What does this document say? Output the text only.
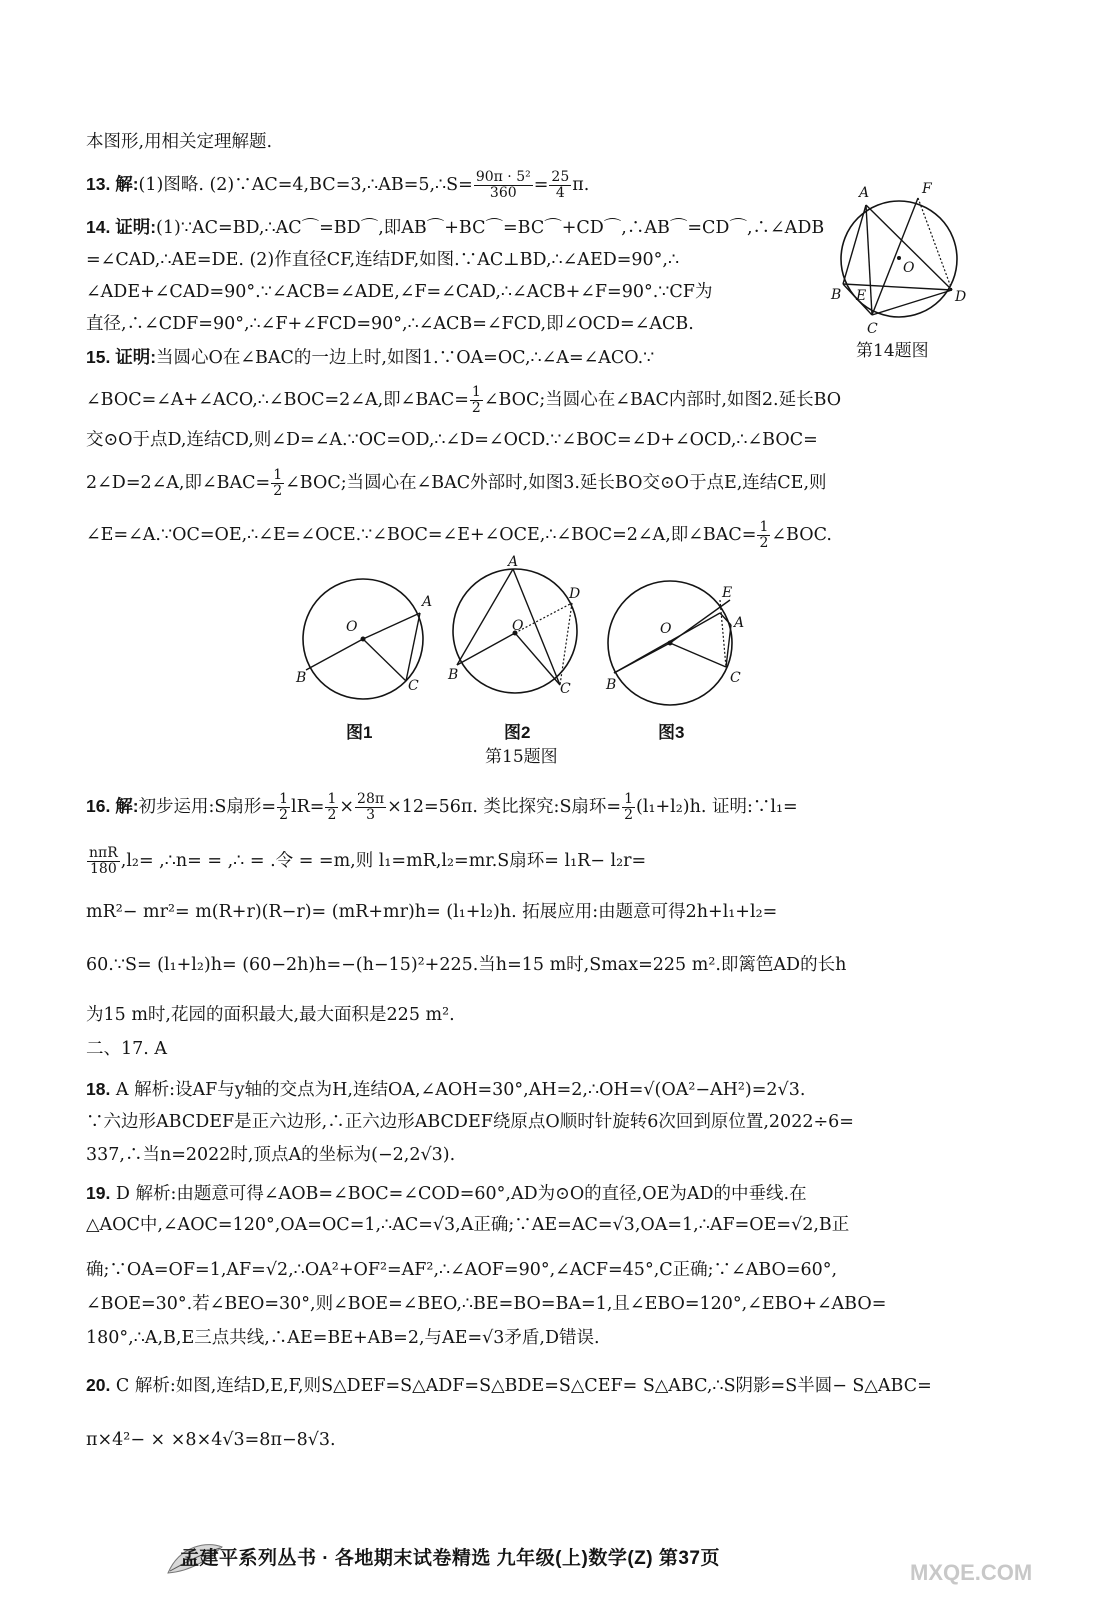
本图形,用相关定理解题.
13. 解:(1)图略. (2)∵AC=4,BC=3,∴AB=5,∴S= $\frac{\text{90π · 5²}}{360} = \frac{25}{4} \pi$.
14. 证明:(1)∵AC=BD,∴AC⌒=BD⌒,即AB⌒+BC⌒=BC⌒+CD⌒,∴AB⌒=CD⌒,∴∠ADB
=∠CAD,∴AE=DE. (2)作直径CF,连结DF,如图.∵AC⊥BD,∴∠AED=90°,∴
∠ADE+∠CAD=90°.∵∠ACB=∠ADE,∠F=∠CAD,∴∠ACB+∠F=90°.∵CF为
直径,∴∠CDF=90°,∴∠F+∠FCD=90°,∴∠ACB=∠FCD,即∠OCD=∠ACB.
A	F
O
B E
C
D
第14题图
15. 证明:当圆心O在∠BAC的一边上时,如图1.∵OA=OC,∴∠A=∠ACO.∵
∠BOC=∠A+∠ACO,∴∠BOC=2∠A,即∠BAC= $\frac{1}{2}$ ∠BOC;当圆心在∠BAC内部时,如图2.延长BO
交⊙O于点D,连结CD,则∠D=∠A.∵OC=OD,∴∠D=∠OCD.∵∠BOC=∠D+∠OCD,∴∠BOC=
2∠D=2∠A,即∠BAC= $\frac{1}{2}$ ∠BOC;当圆心在∠BAC外部时,如图3.延长BO交⊙O于点E,连结CE,则
∠E=∠A.∵OC=OE,∴∠E=∠OCE.∵∠BOC=∠E+∠OCE,∴∠BOC=2∠A,即∠BAC= $\frac{1}{2}$ ∠BOC.
O
A
B	C
A
O
D
B
C
O
E
A
B	C
图1	图2	图3
第15题图
16. 解:初步运用:S扇形= $\frac{1}{2} lR= \frac{1}{2} \times \frac{28\pi}{3} \times 12=56\pi$. 类比探究:S扇环= $\frac{1}{2} (l_1+l_2)h$. 证明:∵l₁=
nπR
180 ,l₂= ,∴n= = ,∴ = .令 = =m,则 l₁=mR,l₂=mr.S扇环= l₁R− l₂r=
mR²− mr²= m(R+r)(R−r)= (mR+mr)h= (l₁+l₂)h. 拓展应用:由题意可得2h+l₁+l₂=
60.∵S= (l₁+l₂)h= (60−2h)h=−(h−15)²+225.当h=15 m时,Smax=225 m².即篱笆AD的长h
为15 m时,花园的面积最大,最大面积是225 m².
二、17. A
18. A 解析:设AF与y轴的交点为H,连结OA,∠AOH=30°,AH=2,∴OH=√(OA²−AH²)=2√3.
∵六边形ABCDEF是正六边形,∴正六边形ABCDEF绕原点O顺时针旋转6次回到原位置,2022÷6=
337,∴当n=2022时,顶点A的坐标为(−2,2√3).
19. D 解析:由题意可得∠AOB=∠BOC=∠COD=60°,AD为⊙O的直径,OE为AD的中垂线.在
△AOC中,∠AOC=120°,OA=OC=1,∴AC=√3,A正确;∵AE=AC=√3,OA=1,∴AF=OE=√2,B正
确;∵OA=OF=1,AF=√2,∴OA²+OF²=AF²,∴∠AOF=90°,∠ACF=45°,C正确;∵∠ABO=60°,
∠BOE=30°.若∠BEO=30°,则∠BOE=∠BEO,∴BE=BO=BA=1,且∠EBO=120°,∠EBO+∠ABO=
180°,∴A,B,E三点共线,∴AE=BE+AB=2,与AE=√3矛盾,D错误.
20. C 解析:如图,连结D,E,F,则S△DEF=S△ADF=S△BDE=S△CEF= S△ABC,∴S阴影=S半圆− S△ABC=
π×4²− × ×8×4√3=8π−8√3.
孟建平系列丛书 · 各地期末试卷精选 九年级(上)数学(Z) 第37页
MXQE.COM
